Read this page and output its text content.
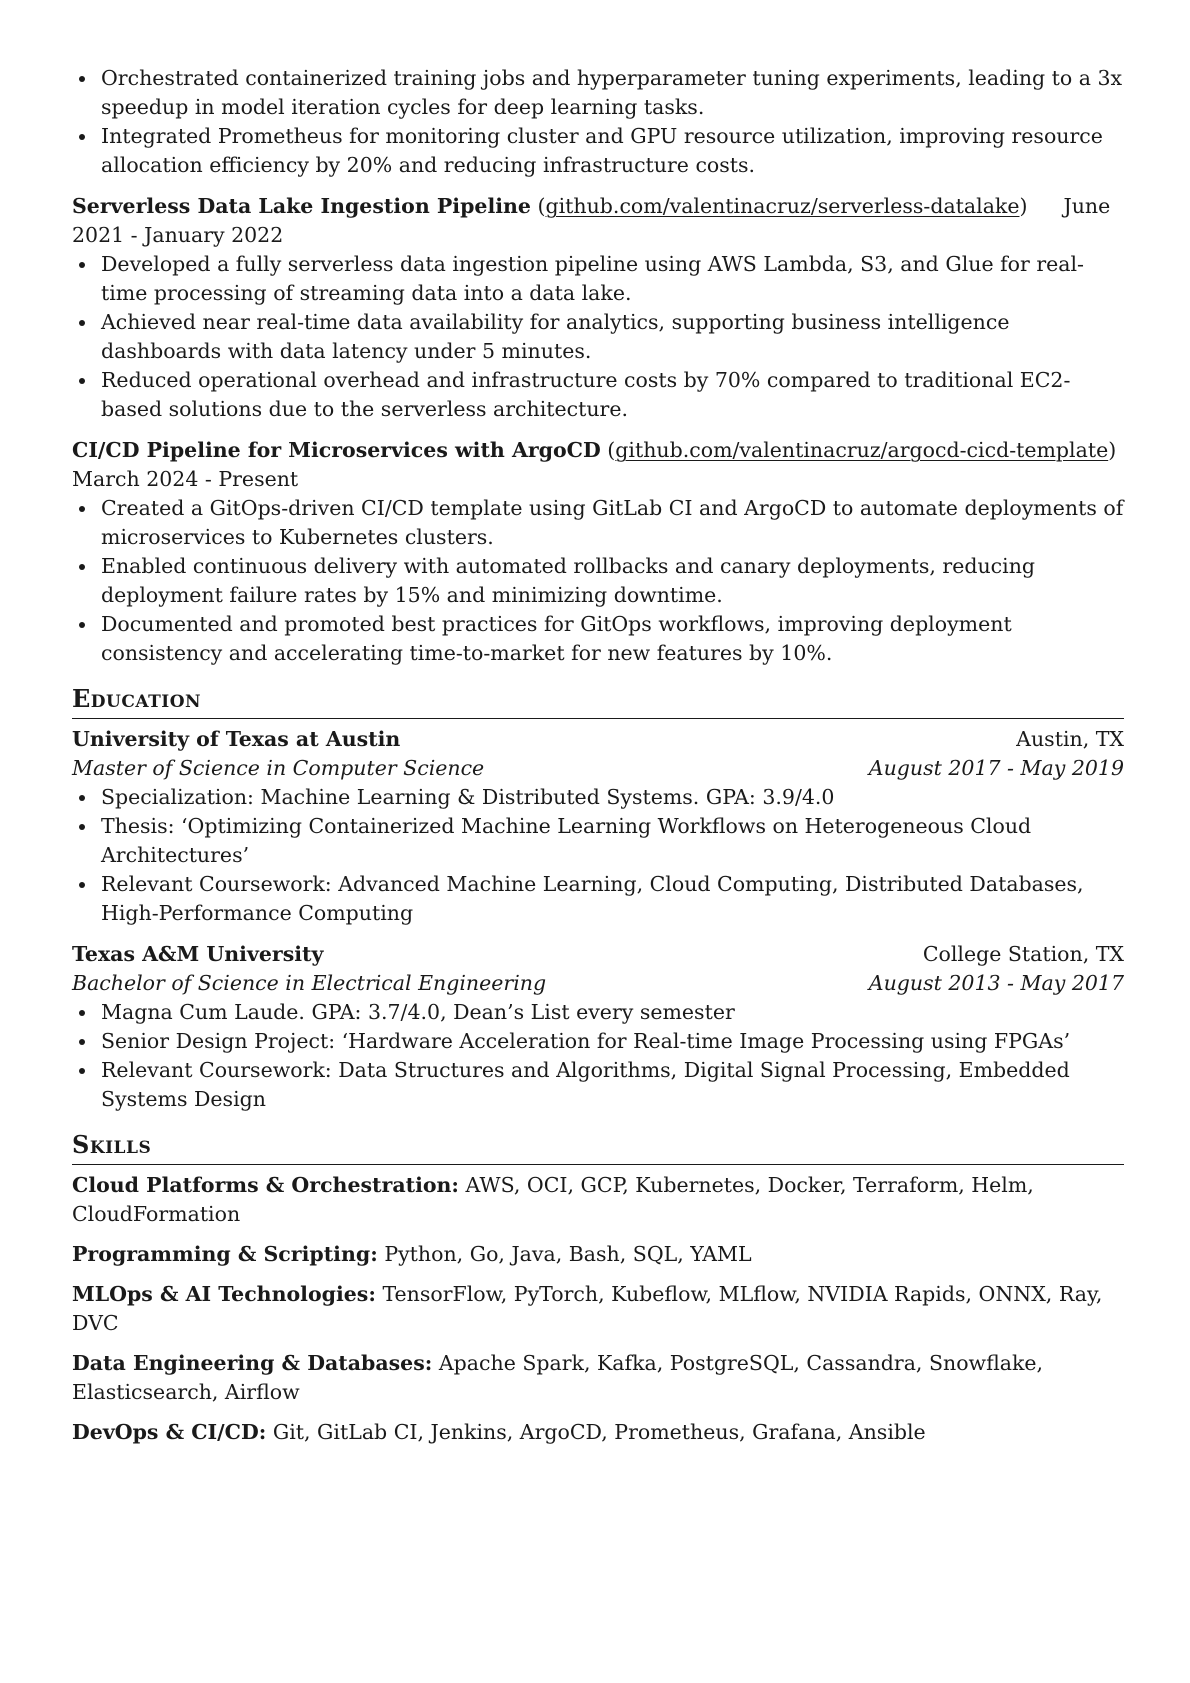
Orchestrated containerized training jobs and hyperparameter tuning experiments, leading to a 3x speedup in model iteration cycles for deep learning tasks.
Integrated Prometheus for monitoring cluster and GPU resource utilization, improving resource allocation efficiency by 20% and reducing infrastructure costs.
Serverless Data Lake Ingestion Pipeline (github.com/valentinacruz/serverless-datalake) June 2021 - January 2022
Developed a fully serverless data ingestion pipeline using AWS Lambda, S3, and Glue for real-time processing of streaming data into a data lake.
Achieved near real-time data availability for analytics, supporting business intelligence dashboards with data latency under 5 minutes.
Reduced operational overhead and infrastructure costs by 70% compared to traditional EC2-based solutions due to the serverless architecture.
CI/CD Pipeline for Microservices with ArgoCD (github.com/valentinacruz/argocd-cicd-template)
March 2024 - Present
Created a GitOps-driven CI/CD template using GitLab CI and ArgoCD to automate deployments of microservices to Kubernetes clusters.
Enabled continuous delivery with automated rollbacks and canary deployments, reducing deployment failure rates by 15% and minimizing downtime.
Documented and promoted best practices for GitOps workflows, improving deployment consistency and accelerating time-to-market for new features by 10%.
Education
University of Texas at Austin	Austin, TX
Master of Science in Computer Science	August 2017 - May 2019
Specialization: Machine Learning & Distributed Systems. GPA: 3.9/4.0
Thesis: ‘Optimizing Containerized Machine Learning Workflows on Heterogeneous Cloud Architectures’
Relevant Coursework: Advanced Machine Learning, Cloud Computing, Distributed Databases, High-Performance Computing
Texas A&M University	College Station, TX
Bachelor of Science in Electrical Engineering	August 2013 - May 2017
Magna Cum Laude. GPA: 3.7/4.0, Dean’s List every semester
Senior Design Project: ‘Hardware Acceleration for Real-time Image Processing using FPGAs’
Relevant Coursework: Data Structures and Algorithms, Digital Signal Processing, Embedded Systems Design
Skills
Cloud Platforms & Orchestration: AWS, OCI, GCP, Kubernetes, Docker, Terraform, Helm, CloudFormation
Programming & Scripting: Python, Go, Java, Bash, SQL, YAML
MLOps & AI Technologies: TensorFlow, PyTorch, Kubeflow, MLflow, NVIDIA Rapids, ONNX, Ray, DVC
Data Engineering & Databases: Apache Spark, Kafka, PostgreSQL, Cassandra, Snowflake, Elasticsearch, Airflow
DevOps & CI/CD: Git, GitLab CI, Jenkins, ArgoCD, Prometheus, Grafana, Ansible
